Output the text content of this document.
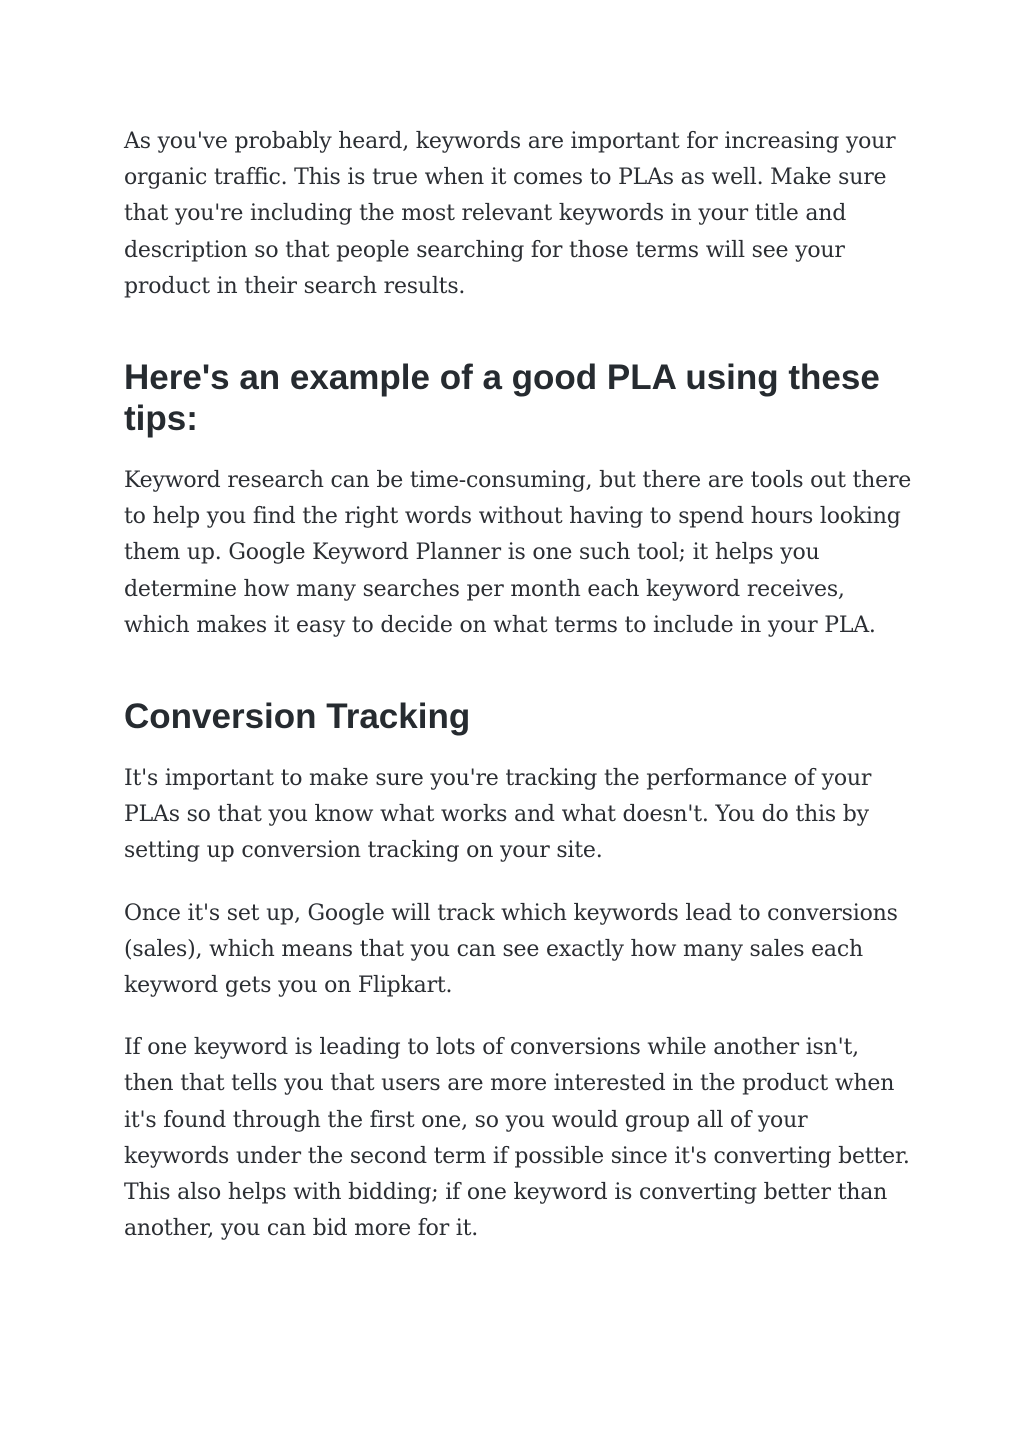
As you've probably heard, keywords are important for increasing your organic traffic. This is true when it comes to PLAs as well. Make sure that you're including the most relevant keywords in your title and description so that people searching for those terms will see your product in their search results.

Here's an example of a good PLA using these tips:

Keyword research can be time-consuming, but there are tools out there to help you find the right words without having to spend hours looking them up. Google Keyword Planner is one such tool; it helps you determine how many searches per month each keyword receives, which makes it easy to decide on what terms to include in your PLA.

Conversion Tracking

It's important to make sure you're tracking the performance of your PLAs so that you know what works and what doesn't. You do this by setting up conversion tracking on your site.

Once it's set up, Google will track which keywords lead to conversions (sales), which means that you can see exactly how many sales each keyword gets you on Flipkart.

If one keyword is leading to lots of conversions while another isn't, then that tells you that users are more interested in the product when it's found through the first one, so you would group all of your keywords under the second term if possible since it's converting better. This also helps with bidding; if one keyword is converting better than another, you can bid more for it.
